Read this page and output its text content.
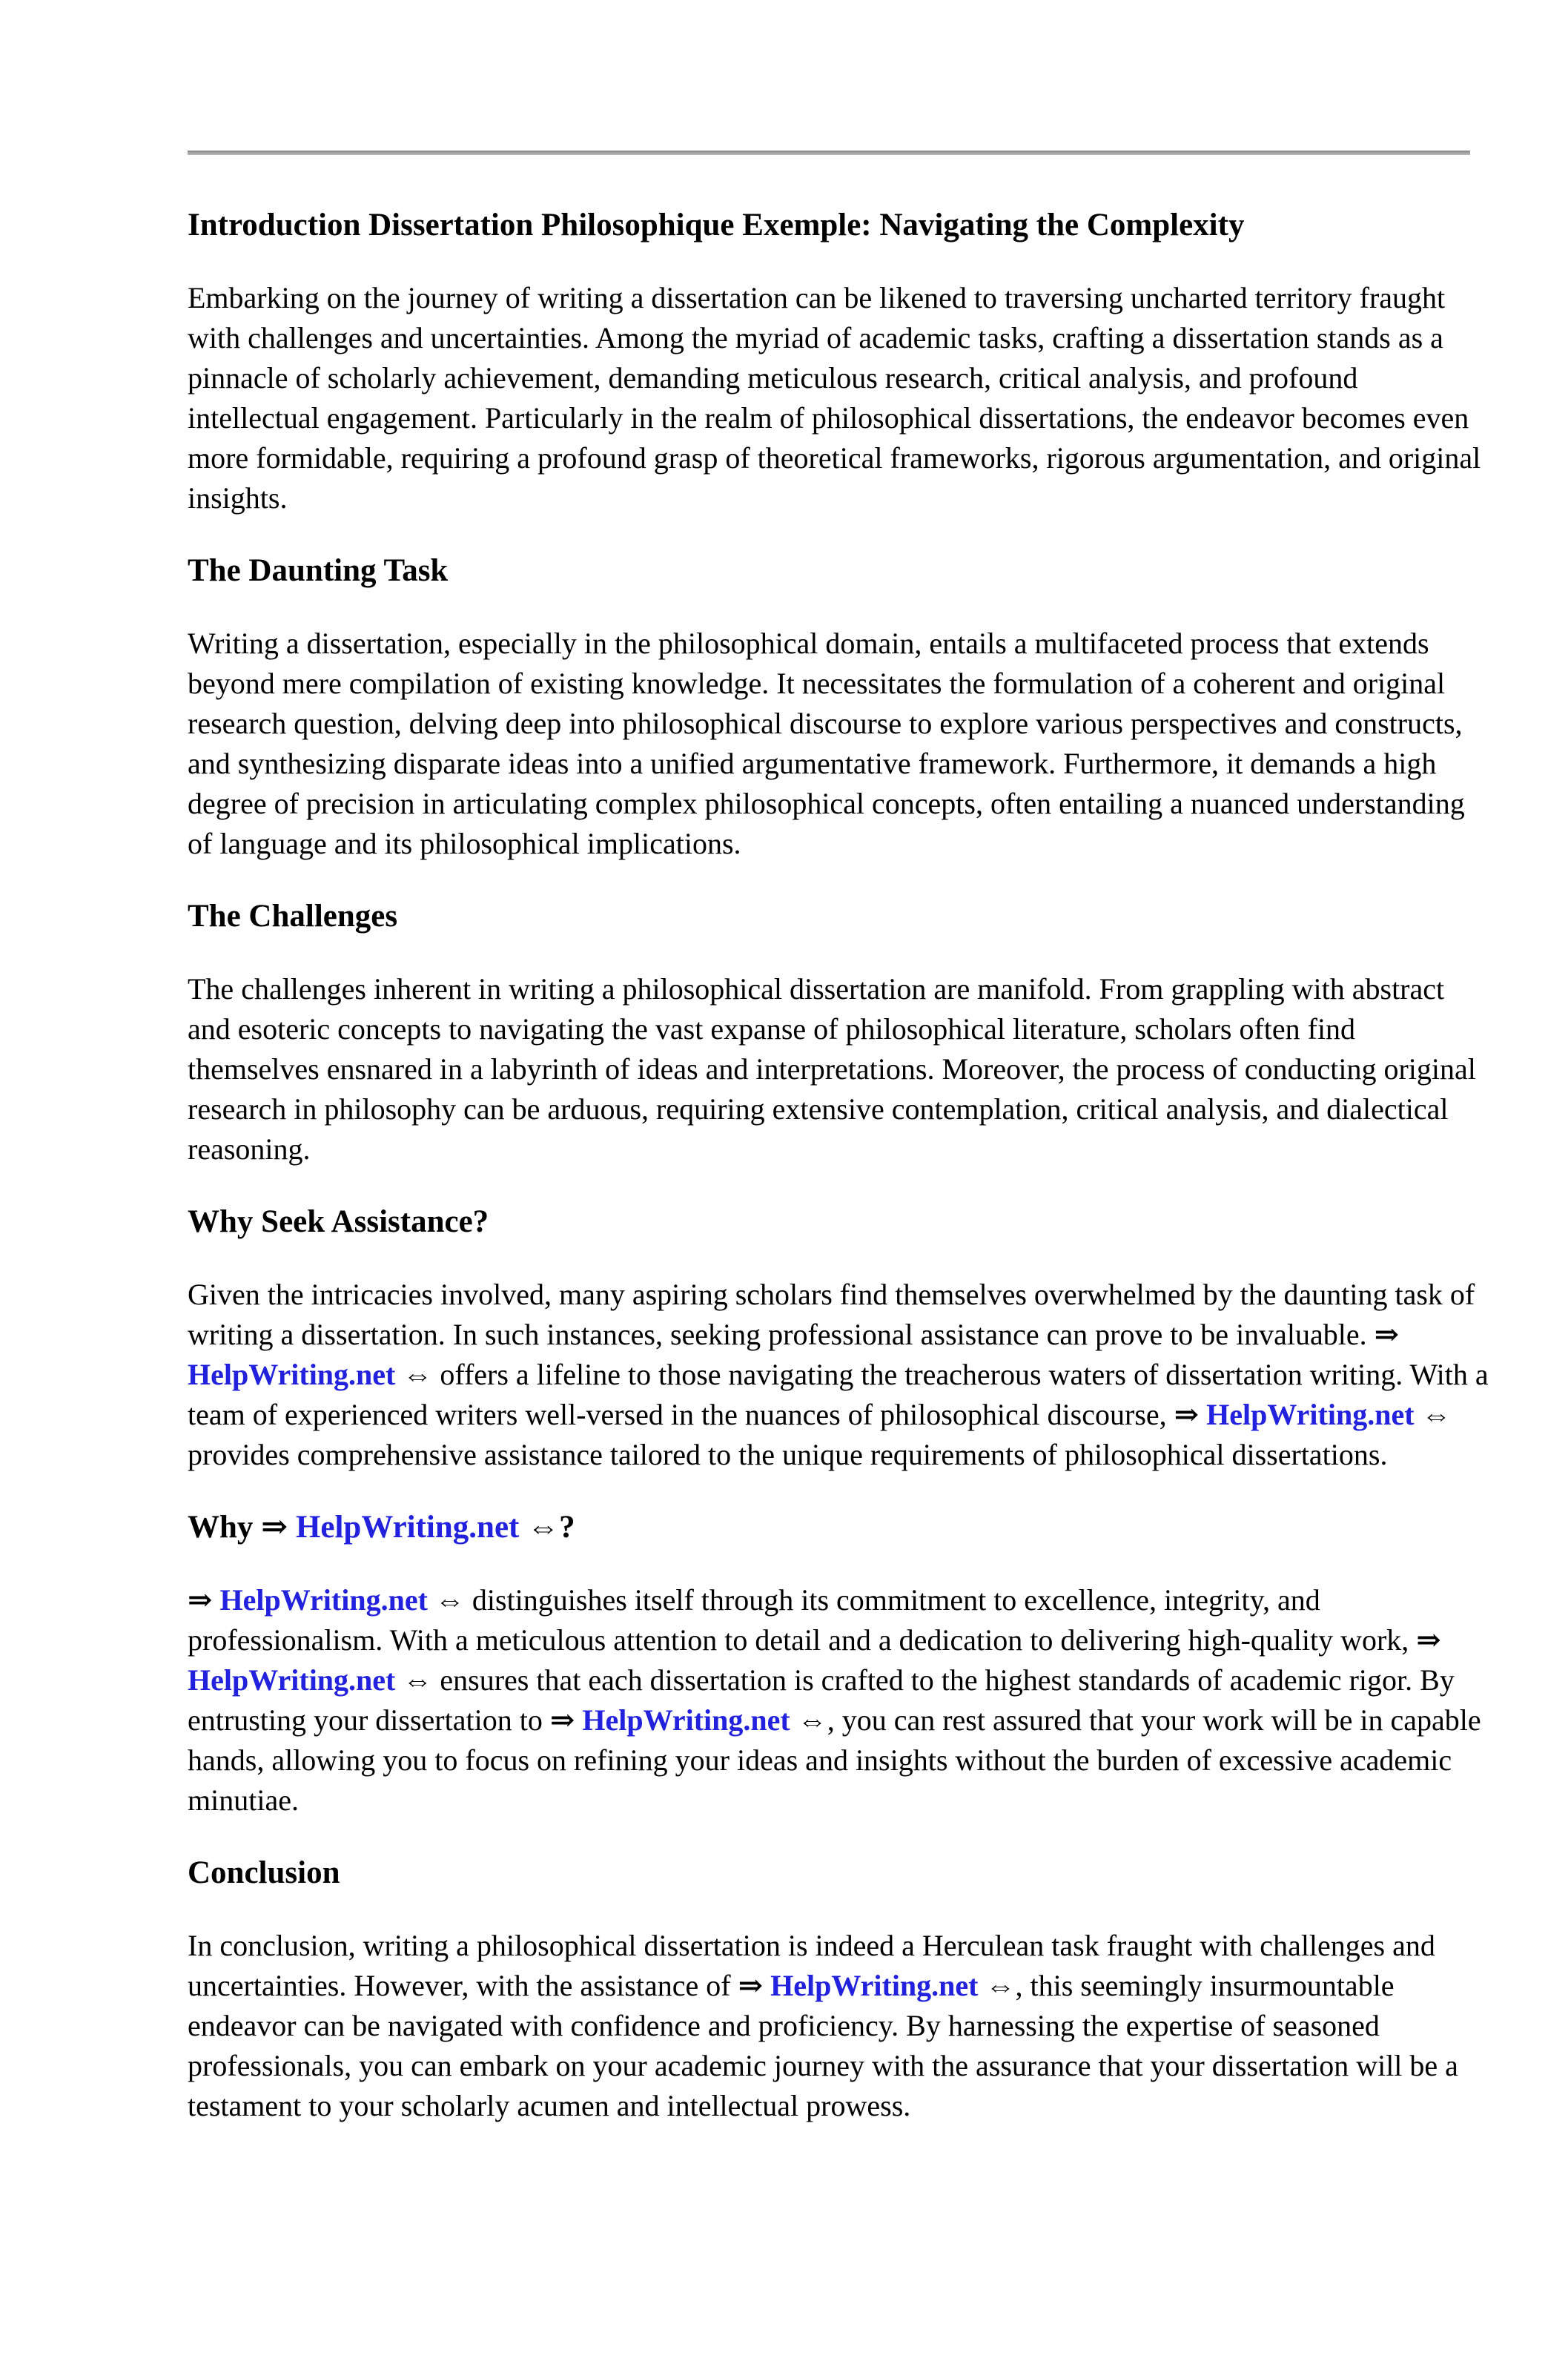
Introduction Dissertation Philosophique Exemple: Navigating the Complexity

Embarking on the journey of writing a dissertation can be likened to traversing uncharted territory fraught with challenges and uncertainties. Among the myriad of academic tasks, crafting a dissertation stands as a pinnacle of scholarly achievement, demanding meticulous research, critical analysis, and profound intellectual engagement. Particularly in the realm of philosophical dissertations, the endeavor becomes even more formidable, requiring a profound grasp of theoretical frameworks, rigorous argumentation, and original insights.

The Daunting Task

Writing a dissertation, especially in the philosophical domain, entails a multifaceted process that extends beyond mere compilation of existing knowledge. It necessitates the formulation of a coherent and original research question, delving deep into philosophical discourse to explore various perspectives and constructs, and synthesizing disparate ideas into a unified argumentative framework. Furthermore, it demands a high degree of precision in articulating complex philosophical concepts, often entailing a nuanced understanding of language and its philosophical implications.

The Challenges

The challenges inherent in writing a philosophical dissertation are manifold. From grappling with abstract and esoteric concepts to navigating the vast expanse of philosophical literature, scholars often find themselves ensnared in a labyrinth of ideas and interpretations. Moreover, the process of conducting original research in philosophy can be arduous, requiring extensive contemplation, critical analysis, and dialectical reasoning.

Why Seek Assistance?

Given the intricacies involved, many aspiring scholars find themselves overwhelmed by the daunting task of writing a dissertation. In such instances, seeking professional assistance can prove to be invaluable. ⇒ HelpWriting.net ⇔ offers a lifeline to those navigating the treacherous waters of dissertation writing. With a team of experienced writers well-versed in the nuances of philosophical discourse, ⇒ HelpWriting.net ⇔ provides comprehensive assistance tailored to the unique requirements of philosophical dissertations.

Why ⇒ HelpWriting.net ⇔?

⇒ HelpWriting.net ⇔ distinguishes itself through its commitment to excellence, integrity, and professionalism. With a meticulous attention to detail and a dedication to delivering high-quality work, ⇒ HelpWriting.net ⇔ ensures that each dissertation is crafted to the highest standards of academic rigor. By entrusting your dissertation to ⇒ HelpWriting.net ⇔, you can rest assured that your work will be in capable hands, allowing you to focus on refining your ideas and insights without the burden of excessive academic minutiae.

Conclusion

In conclusion, writing a philosophical dissertation is indeed a Herculean task fraught with challenges and uncertainties. However, with the assistance of ⇒ HelpWriting.net ⇔, this seemingly insurmountable endeavor can be navigated with confidence and proficiency. By harnessing the expertise of seasoned professionals, you can embark on your academic journey with the assurance that your dissertation will be a testament to your scholarly acumen and intellectual prowess.
